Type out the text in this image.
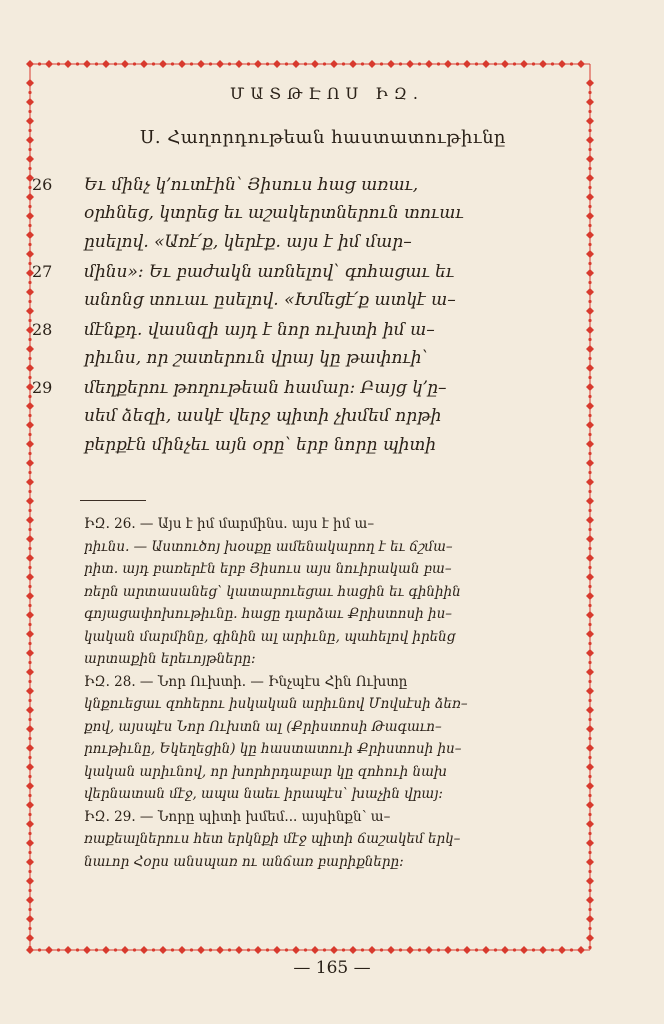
ՄԱՏԹԷՈՍ ԻԶ.
Ս. Հաղորդութեան հաստատութիւնը
26	Եւ մինչ կ՚ուտէին՝ Յիսուս հաց առաւ,
օրհնեց, կտրեց եւ աշակերտներուն տուաւ
ըսելով. «Առէ՛ք, կերէք. այս է իմ մար–
27	մինս»: Եւ բաժակն առնելով՝ գոհացաւ եւ
անոնց տուաւ ըսելով. «Խմեցէ՛ք ատկէ ա–
28	մէնքդ. վասնզի այդ է նոր ուխտի իմ ա–
րիւնս, որ շատերուն վրայ կը թափուի՝
29	մեղքերու թողութեան համար: Բայց կ՚ը–
սեմ ձեզի, ասկէ վերջ պիտի չխմեմ որթի
բերքէն մինչեւ այն օրը՝ երբ նորը պիտի
ԻԶ. 26. — Այս է իմ մարմինս. այս է իմ ա–
րիւնս. — Աստուծոյ խօսքը ամենակարող է եւ ճշմա–
րիտ. այդ բառերէն երբ Յիսուս այս նուիրական բա–
ռերն արտասանեց՝ կատարուեցաւ հացին եւ գինիին
գոյացափոխութիւնը. հացը դարձաւ Քրիստոսի իս–
կական մարմինը, գինին ալ արիւնը, պահելով իրենց
արտաքին երեւոյթները:
ԻԶ. 28. — Նոր Ուխտի. — Ինչպէս Հին Ուխտը
կնքուեցաւ զոհերու իսկական արիւնով Մովսէսի ձեռ–
քով, այսպէս Նոր Ուխտն ալ (Քրիստոսի Թագաւո–
րութիւնը, Եկեղեցին) կը հաստատուի Քրիստոսի իս–
կական արիւնով, որ խորհրդաբար կը զոհուի նախ
վերնատան մէջ, ապա նաեւ իրապէս՝ խաչին վրայ:
ԻԶ. 29. — Նորը պիտի խմեմ... այսինքն՝ ա–
ռաքեալներուս հետ երկնքի մէջ պիտի ճաշակեմ երկ–
նաւոր Հօրս անսպառ ու անճառ բարիքները:
— 165 —
